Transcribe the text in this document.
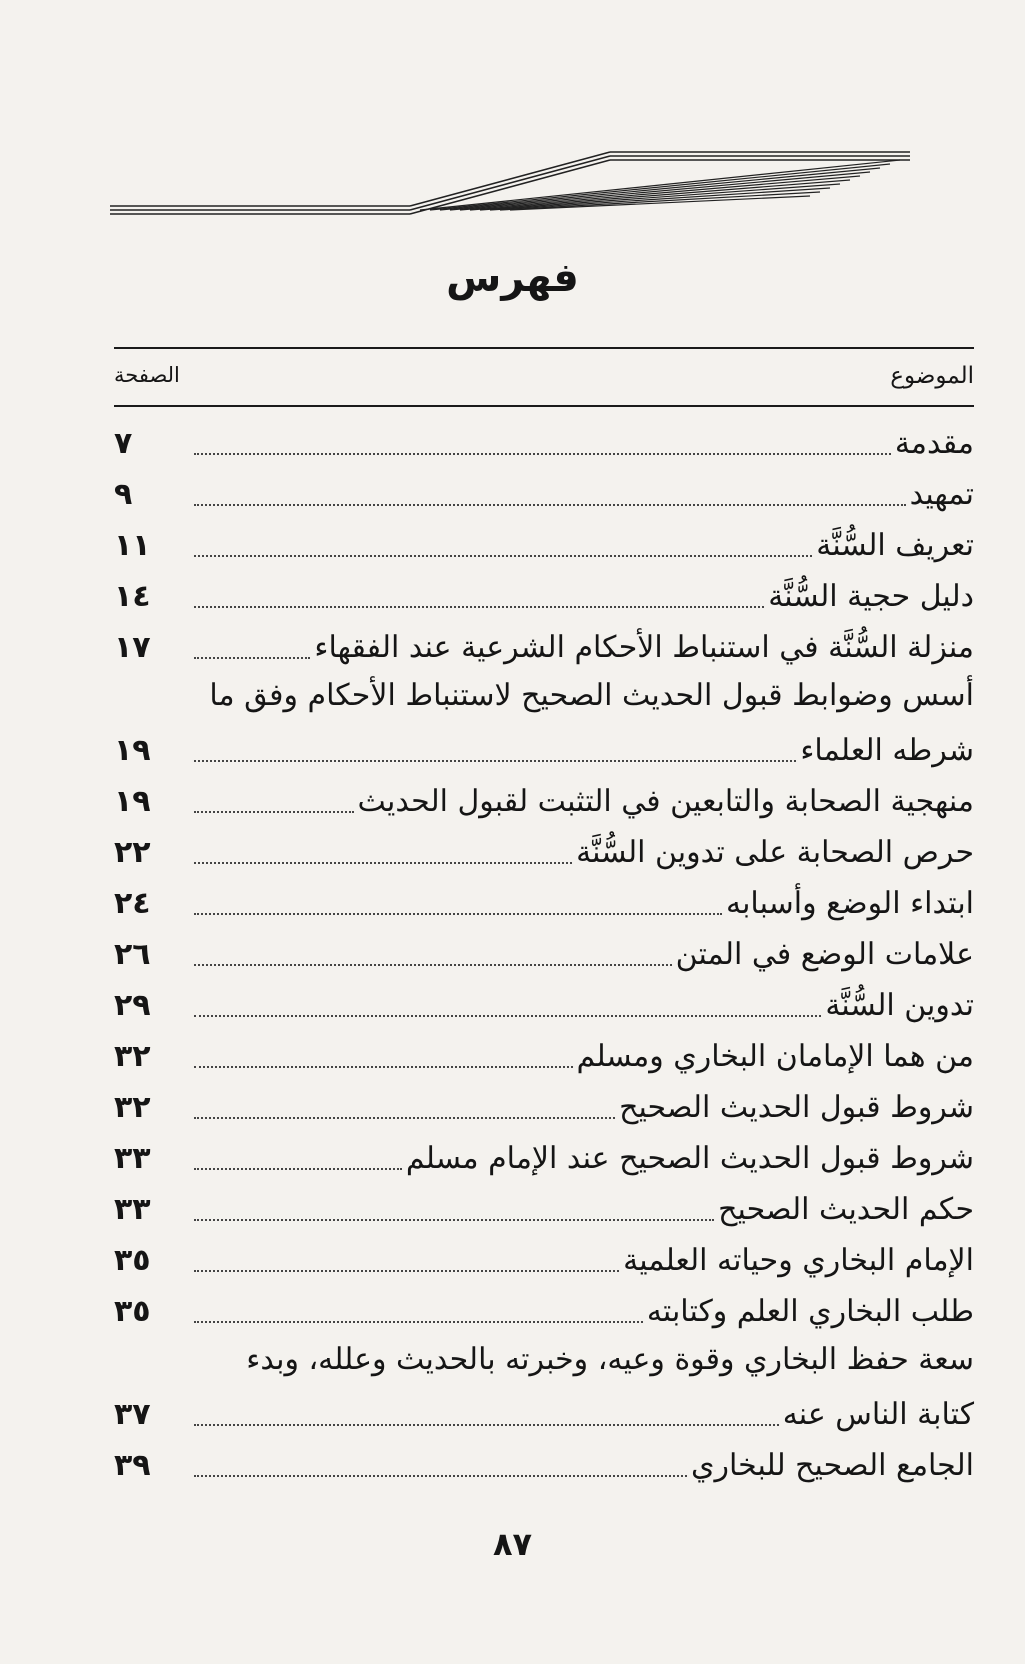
فهرس
الموضوع
الصفحة
مقدمة
٧
تمهيد
٩
تعريف السُّنَّة
١١
دليل حجية السُّنَّة
١٤
منزلة السُّنَّة في استنباط الأحكام الشرعية عند الفقهاء
١٧
أسس وضوابط قبول الحديث الصحيح لاستنباط الأحكام وفق ما
شرطه العلماء
١٩
منهجية الصحابة والتابعين في التثبت لقبول الحديث
١٩
حرص الصحابة على تدوين السُّنَّة
٢٢
ابتداء الوضع وأسبابه
٢٤
علامات الوضع في المتن
٢٦
تدوين السُّنَّة
٢٩
من هما الإمامان البخاري ومسلم
٣٢
شروط قبول الحديث الصحيح
٣٢
شروط قبول الحديث الصحيح عند الإمام مسلم
٣٣
حكم الحديث الصحيح
٣٣
الإمام البخاري وحياته العلمية
٣٥
طلب البخاري العلم وكتابته
٣٥
سعة حفظ البخاري وقوة وعيه، وخبرته بالحديث وعلله، وبدء
كتابة الناس عنه
٣٧
الجامع الصحيح للبخاري
٣٩
٨٧
